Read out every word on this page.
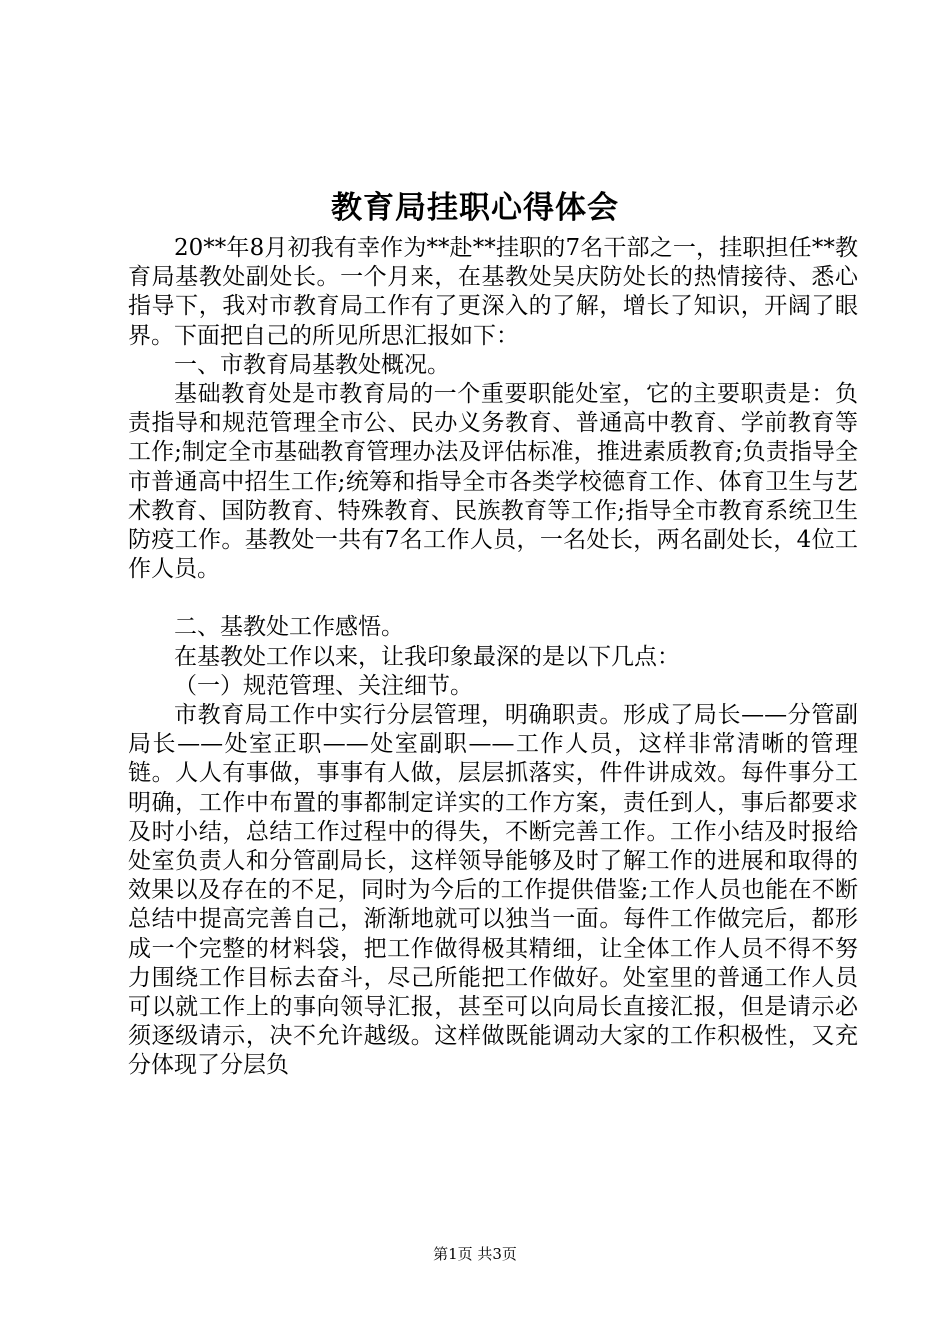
教育局挂职心得体会

20**年8月初我有幸作为**赴**挂职的7名干部之一，挂职担任**教育局基教处副处长。一个月来，在基教处吴庆防处长的热情接待、悉心指导下，我对市教育局工作有了更深入的了解，增长了知识，开阔了眼界。下面把自己的所见所思汇报如下：

一、市教育局基教处概况。

基础教育处是市教育局的一个重要职能处室，它的主要职责是：负责指导和规范管理全市公、民办义务教育、普通高中教育、学前教育等工作;制定全市基础教育管理办法及评估标准，推进素质教育;负责指导全市普通高中招生工作;统筹和指导全市各类学校德育工作、体育卫生与艺术教育、国防教育、特殊教育、民族教育等工作;指导全市教育系统卫生防疫工作。基教处一共有7名工作人员，一名处长，两名副处长，4位工作人员。

二、基教处工作感悟。

在基教处工作以来，让我印象最深的是以下几点：

（一）规范管理、关注细节。

市教育局工作中实行分层管理，明确职责。形成了局长——分管副局长——处室正职——处室副职——工作人员，这样非常清晰的管理链。人人有事做，事事有人做，层层抓落实，件件讲成效。每件事分工明确，工作中布置的事都制定详实的工作方案，责任到人，事后都要求及时小结，总结工作过程中的得失，不断完善工作。工作小结及时报给处室负责人和分管副局长，这样领导能够及时了解工作的进展和取得的效果以及存在的不足，同时为今后的工作提供借鉴;工作人员也能在不断总结中提高完善自己，渐渐地就可以独当一面。每件工作做完后，都形成一个完整的材料袋，把工作做得极其精细，让全体工作人员不得不努力围绕工作目标去奋斗，尽己所能把工作做好。处室里的普通工作人员可以就工作上的事向领导汇报，甚至可以向局长直接汇报，但是请示必须逐级请示，决不允许越级。这样做既能调动大家的工作积极性，又充分体现了分层负

第1页 共3页
